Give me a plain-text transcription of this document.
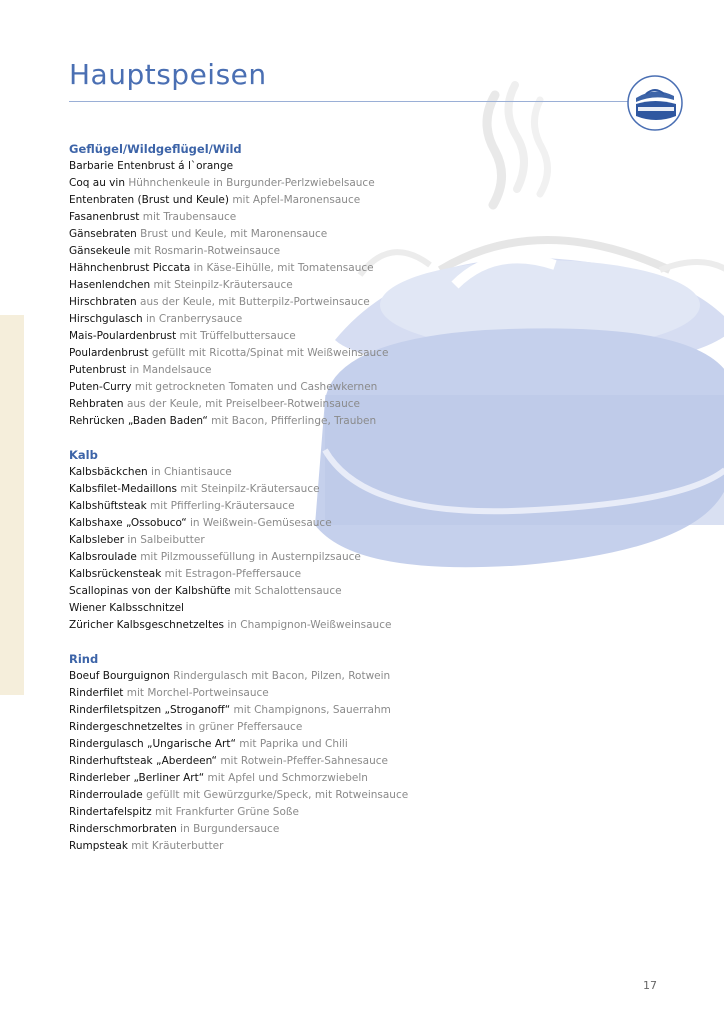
Hauptspeisen

Geflügel/Wildgeflügel/Wild

Barbarie Entenbrust á l`orange

Coq au vin Hühnchenkeule in Burgunder-Perlzwiebelsauce

Entenbraten (Brust und Keule) mit Apfel-Maronensauce

Fasanenbrust mit Traubensauce

Gänsebraten Brust und Keule, mit Maronensauce

Gänsekeule mit Rosmarin-Rotweinsauce

Hähnchenbrust Piccata in Käse-Eihülle, mit Tomatensauce

Hasenlendchen mit Steinpilz-Kräutersauce

Hirschbraten aus der Keule, mit Butterpilz-Portweinsauce

Hirschgulasch in Cranberrysauce

Mais-Poulardenbrust mit Trüffelbuttersauce

Poulardenbrust gefüllt mit Ricotta/Spinat mit Weißweinsauce

Putenbrust in Mandelsauce

Puten-Curry mit getrockneten Tomaten und Cashewkernen

Rehbraten aus der Keule, mit Preiselbeer-Rotweinsauce

Rehrücken „Baden Baden“ mit Bacon, Pfifferlinge, Trauben

Kalb

Kalbsbäckchen in Chiantisauce

Kalbsfilet-Medaillons mit Steinpilz-Kräutersauce

Kalbshüftsteak mit Pfifferling-Kräutersauce

Kalbshaxe „Ossobuco“ in Weißwein-Gemüsesauce

Kalbsleber in Salbeibutter

Kalbsroulade mit Pilzmoussefüllung in Austernpilzsauce

Kalbsrückensteak mit Estragon-Pfeffersauce

Scallopinas von der Kalbshüfte mit Schalottensauce

Wiener Kalbsschnitzel

Züricher Kalbsgeschnetzeltes in Champignon-Weißweinsauce

Rind

Boeuf Bourguignon Rindergulasch mit Bacon, Pilzen, Rotwein

Rinderfilet mit Morchel-Portweinsauce

Rinderfiletspitzen „Stroganoff“ mit Champignons, Sauerrahm

Rindergeschnetzeltes in grüner Pfeffersauce

Rindergulasch „Ungarische Art“ mit Paprika und Chili

Rinderhuftsteak „Aberdeen“ mit Rotwein-Pfeffer-Sahnesauce

Rinderleber „Berliner Art“ mit Apfel und Schmorzwiebeln

Rinderroulade gefüllt mit Gewürzgurke/Speck, mit Rotweinsauce

Rindertafelspitz mit Frankfurter Grüne Soße

Rinderschmorbraten in Burgundersauce

Rumpsteak mit Kräuterbutter

17
